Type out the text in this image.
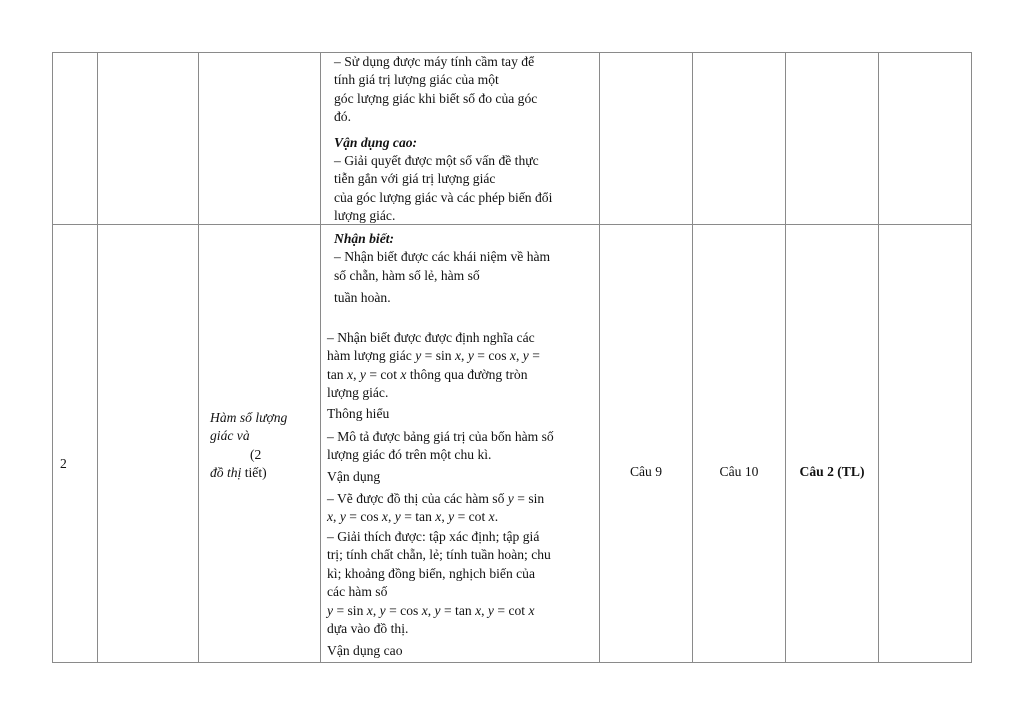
– Sử dụng được máy tính cầm tay để
tính giá trị lượng giác của một
góc lượng giác khi biết số đo của góc
đó.
Vận dụng cao:
– Giải quyết được một số vấn đề thực
tiễn gắn với giá trị lượng giác
của góc lượng giác và các phép biến đổi
lượng giác.
2
Hàm số lượng
giác và
(2
đồ thị tiết)
Nhận biết:
– Nhận biết được các khái niệm về hàm
số chẵn, hàm số lẻ, hàm số
tuần hoàn.
– Nhận biết được được định nghĩa các
hàm lượng giác y = sin x, y = cos x, y =
tan x, y = cot x thông qua đường tròn
lượng giác.
Thông hiểu
– Mô tả được bảng giá trị của bốn hàm số
lượng giác đó trên một chu kì.
Vận dụng
– Vẽ được đồ thị của các hàm số y = sin
x, y = cos x, y = tan x, y = cot x.
– Giải thích được: tập xác định; tập giá
trị; tính chất chẵn, lẻ; tính tuần hoàn; chu
kì; khoảng đồng biến, nghịch biến của
các hàm số
y = sin x, y = cos x, y = tan x, y = cot x
dựa vào đồ thị.
Vận dụng cao
Câu 9	Câu 10	Câu 2 (TL)
